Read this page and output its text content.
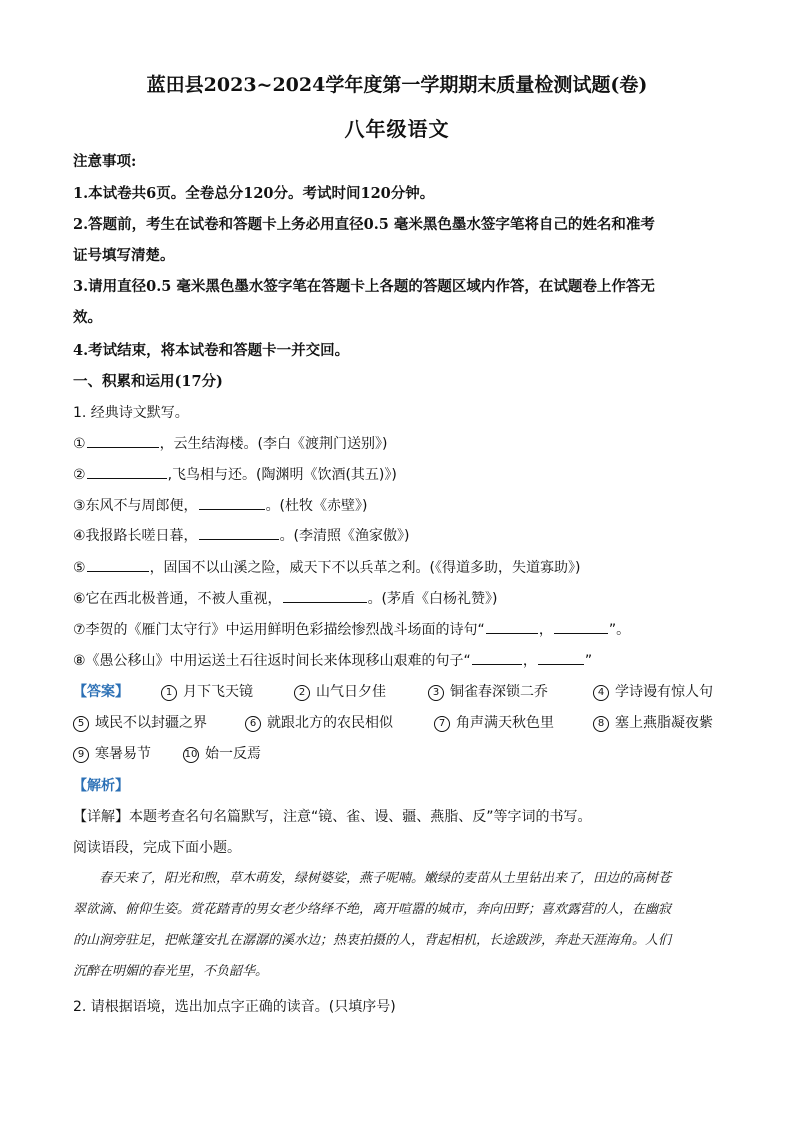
蓝田县2023~2024学年度第一学期期末质量检测试题(卷)
八年级语文
注意事项:
1.本试卷共6页。全卷总分120分。考试时间120分钟。
2.答题前，考生在试卷和答题卡上务必用直径0.5 毫米黑色墨水签字笔将自己的姓名和准考
证号填写清楚。
3.请用直径0.5 毫米黑色墨水签字笔在答题卡上各题的答题区域内作答，在试题卷上作答无
效。
4.考试结束，将本试卷和答题卡一并交回。
一、积累和运用(17分)
1. 经典诗文默写。
①	，云生结海楼。(李白《渡荆门送别》)
②	,飞鸟相与还。(陶渊明《饮酒(其五)》)
③东风不与周郎便，	。(杜牧《赤壁》)
④我报路长嗟日暮，	。(李清照《渔家傲》)
⑤	，固国不以山溪之险，威天下不以兵革之利。(《得道多助，失道寡助》)
⑥它在西北极普通，不被人重视，	。(茅盾《白杨礼赞》)
⑦李贺的《雁门太守行》中运用鲜明色彩描绘惨烈战斗场面的诗句“	，	”。
⑧《愚公移山》中用运送土石往返时间长来体现移山艰难的句子“	，	”
【答案】	1 月下飞天镜	2 山气日夕佳	3 铜雀春深锁二乔	4 学诗谩有惊人句
5 域民不以封疆之界	6 就跟北方的农民相似	7 角声满天秋色里	8 塞上燕脂凝夜紫
9 寒暑易节	10 始一反焉
【解析】
【详解】本题考查名句名篇默写，注意“镜、雀、谩、疆、燕脂、反”等字词的书写。
阅读语段，完成下面小题。
春天来了，阳光和煦，草木萌发，绿树婆娑，燕子呢喃。嫩绿的麦苗从土里钻出来了，田边的高树苍
翠欲滴、俯仰生姿。赏花踏青的男女老少络绎不绝，离开喧嚣的城市，奔向田野；喜欢露营的人，在幽寂
的山涧旁驻足，把帐篷安扎在潺潺的溪水边；热衷拍摄的人，背起相机，长途跋涉，奔赴天涯海角。人们
沉醉在明媚的春光里，不负韶华。
2. 请根据语境，选出加点字正确的读音。(只填序号)
